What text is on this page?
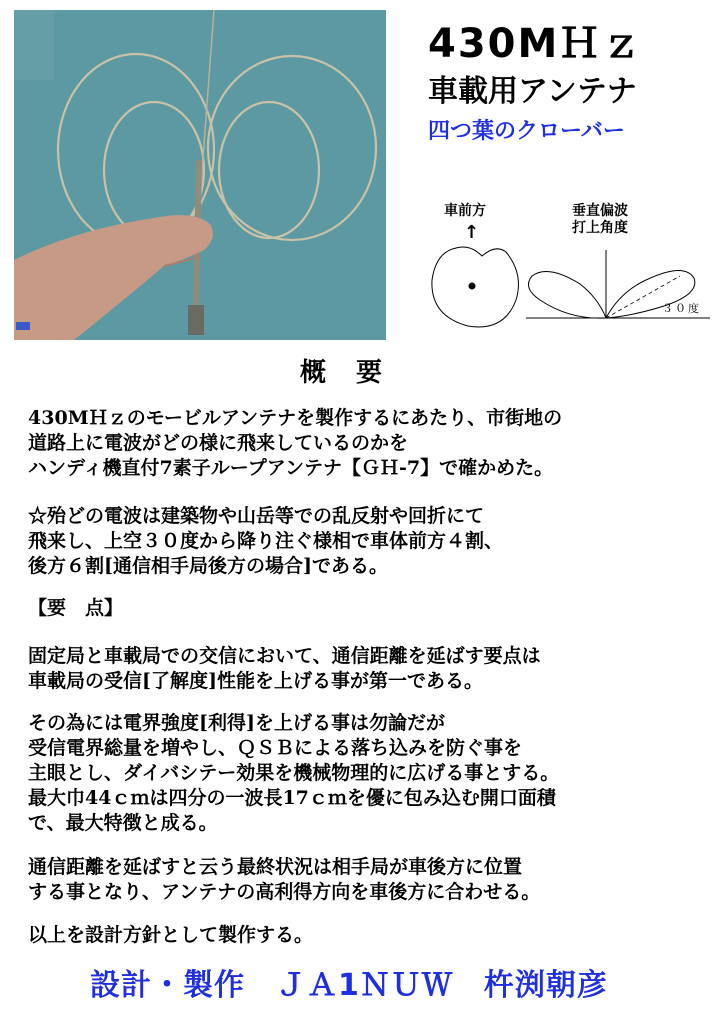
430MＨｚ
車載用アンテナ
四つ葉のクローバー
車前方
↑
垂直偏波
打上角度
３０度
概要
430MＨｚのモービルアンテナを製作するにあたり、市街地の
道路上に電波がどの様に飛来しているのかを
ハンディ機直付7素子ループアンテナ【ＧＨ-7】で確かめた。
☆殆どの電波は建築物や山岳等での乱反射や回折にて
飛来し、上空３０度から降り注ぐ様相で車体前方４割、
後方６割[通信相手局後方の場合]である。
【要　点】
固定局と車載局での交信において、通信距離を延ばす要点は
車載局の受信[了解度]性能を上げる事が第一である。
その為には電界強度[利得]を上げる事は勿論だが
受信電界総量を増やし、ＱＳＢによる落ち込みを防ぐ事を
主眼とし、ダイバシテー効果を機械物理的に広げる事とする。
最大巾44ｃｍは四分の一波長17ｃｍを優に包み込む開口面積
で、最大特徴と成る。
通信距離を延ばすと云う最終状況は相手局が車後方に位置
する事となり、アンテナの高利得方向を車後方に合わせる。
以上を設計方針として製作する。
設計・製作　ＪＡ1ＮＵＷ　杵渕朝彦
